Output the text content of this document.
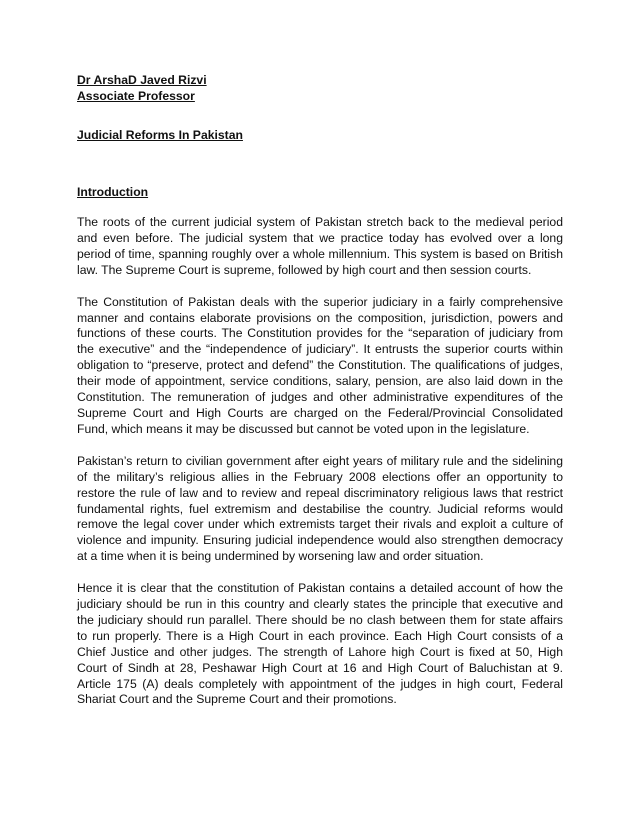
Dr ArshaD Javed Rizvi

Associate Professor

Judicial Reforms In Pakistan

Introduction

The roots of the current judicial system of Pakistan stretch back to the medieval period and even before. The judicial system that we practice today has evolved over a long period of time, spanning roughly over a whole millennium. This system is based on British law. The Supreme Court is supreme, followed by high court and then session courts.

The Constitution of Pakistan deals with the superior judiciary in a fairly comprehensive manner and contains elaborate provisions on the composition, jurisdiction, powers and functions of these courts. The Constitution provides for the “separation of judiciary from the executive” and the “independence of judiciary”. It entrusts the superior courts within obligation to “preserve, protect and defend” the Constitution. The qualifications of judges, their mode of appointment, service conditions, salary, pension, are also laid down in the Constitution. The remuneration of judges and other administrative expenditures of the Supreme Court and High Courts are charged on the Federal/Provincial Consolidated Fund, which means it may be discussed but cannot be voted upon in the legislature.

Pakistan’s return to civilian government after eight years of military rule and the sidelining of the military’s religious allies in the February 2008 elections offer an opportunity to restore the rule of law and to review and repeal discriminatory religious laws that restrict fundamental rights, fuel extremism and destabilise the country. Judicial reforms would remove the legal cover under which extremists target their rivals and exploit a culture of violence and impunity. Ensuring judicial independence would also strengthen democracy at a time when it is being undermined by worsening law and order situation.

Hence it is clear that the constitution of Pakistan contains a detailed account of how the judiciary should be run in this country and clearly states the principle that executive and the judiciary should run parallel. There should be no clash between them for state affairs to run properly. There is a High Court in each province. Each High Court consists of a Chief Justice and other judges. The strength of Lahore high Court is fixed at 50, High Court of Sindh at 28, Peshawar High Court at 16 and High Court of Baluchistan at 9. Article 175 (A) deals completely with appointment of the judges in high court, Federal Shariat Court and the Supreme Court and their promotions.
